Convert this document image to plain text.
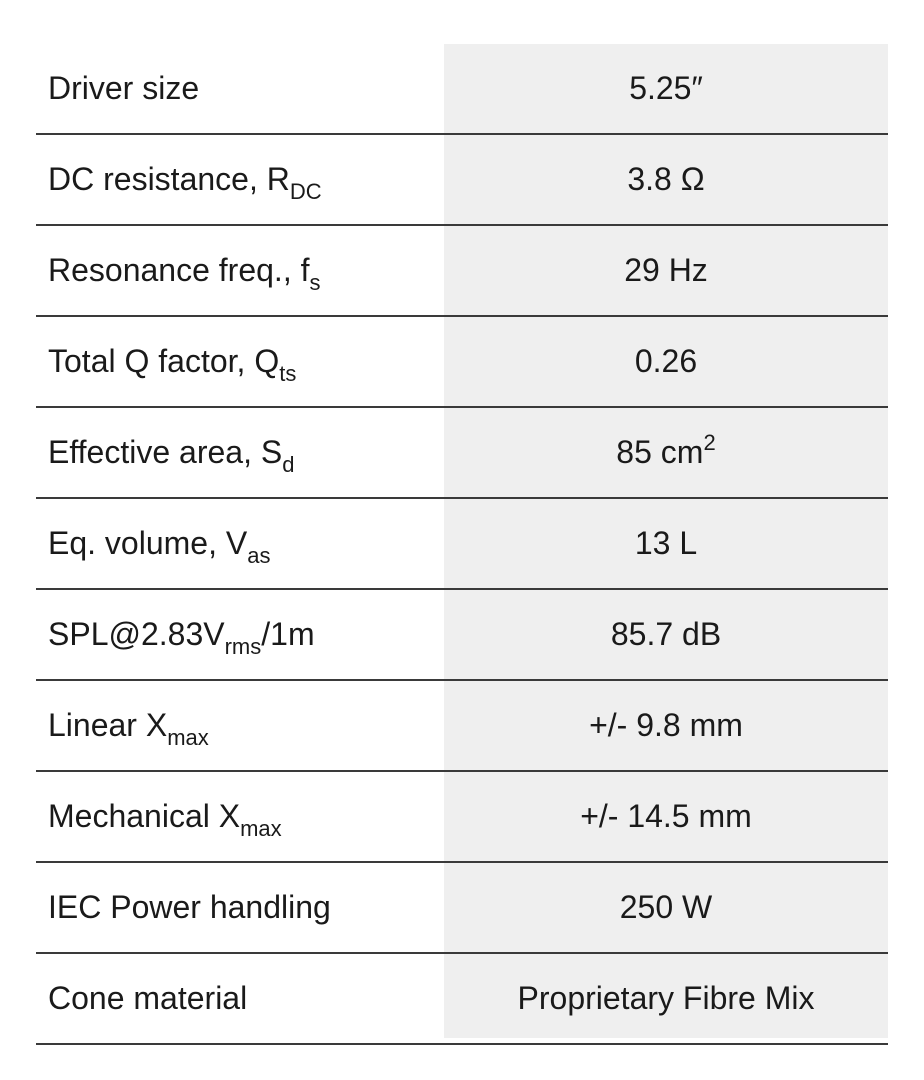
Driver size	5.25″
DC resistance, $R_{DC}$	3.8 Ω
Resonance freq., $f_s$	29 Hz
Total Q factor, $Q_{ts}$	0.26
Effective area, $S_d$	85 $cm^2$
Eq. volume, $V_{as}$	13 L
$SPL@2.83V_{rms}/1m$	85.7 dB
Linear $X_{max}$	+/- 9.8 mm
Mechanical $X_{max}$	+/- 14.5 mm
IEC Power handling	250 W
Cone material	Proprietary Fibre Mix
